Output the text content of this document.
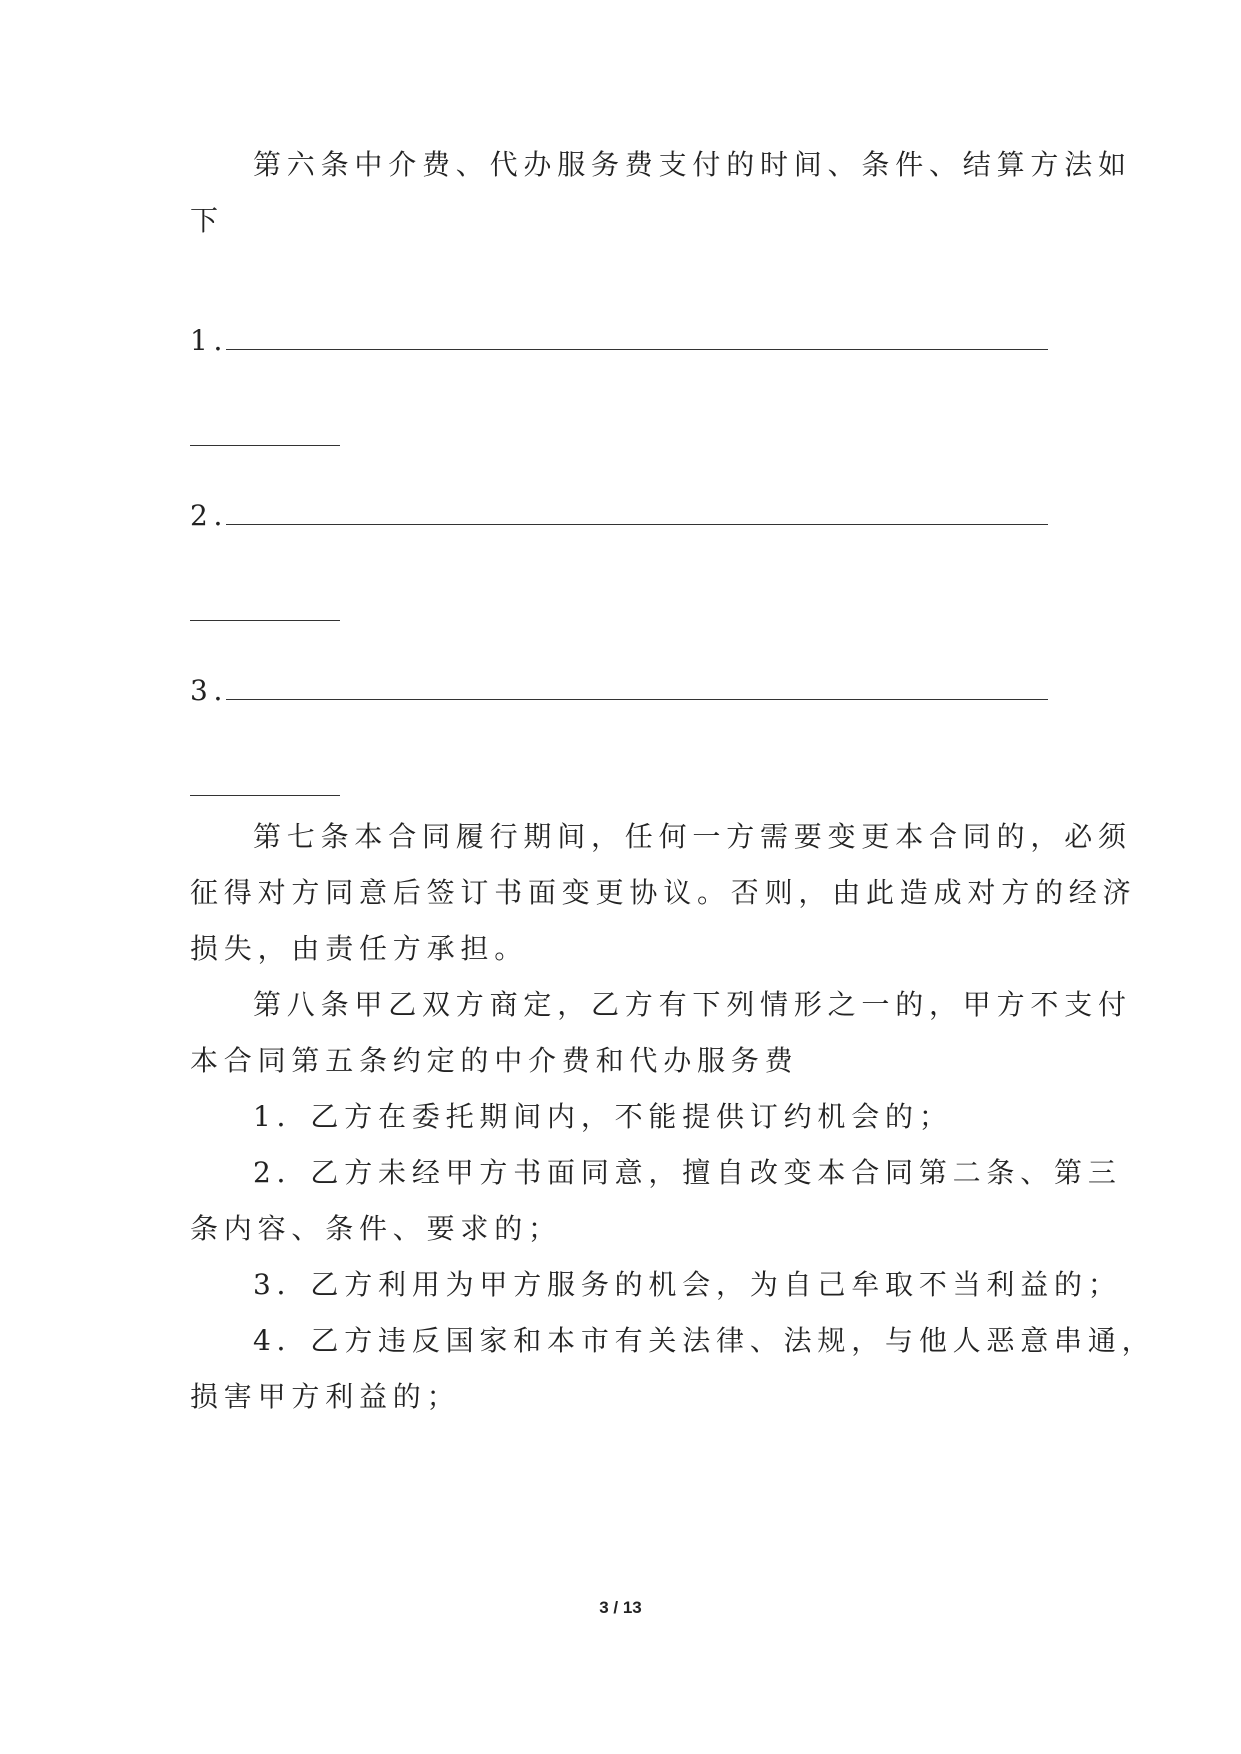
第六条中介费、代办服务费支付的时间、条件、结算方法如
下
1．
2．
3．
第七条本合同履行期间，任何一方需要变更本合同的，必须
征得对方同意后签订书面变更协议。否则，由此造成对方的经济
损失，由责任方承担。
第八条甲乙双方商定，乙方有下列情形之一的，甲方不支付
本合同第五条约定的中介费和代办服务费
1．乙方在委托期间内，不能提供订约机会的；
2．乙方未经甲方书面同意，擅自改变本合同第二条、第三
条内容、条件、要求的；
3．乙方利用为甲方服务的机会，为自己牟取不当利益的；
4．乙方违反国家和本市有关法律、法规，与他人恶意串通，
损害甲方利益的；
3 / 13
